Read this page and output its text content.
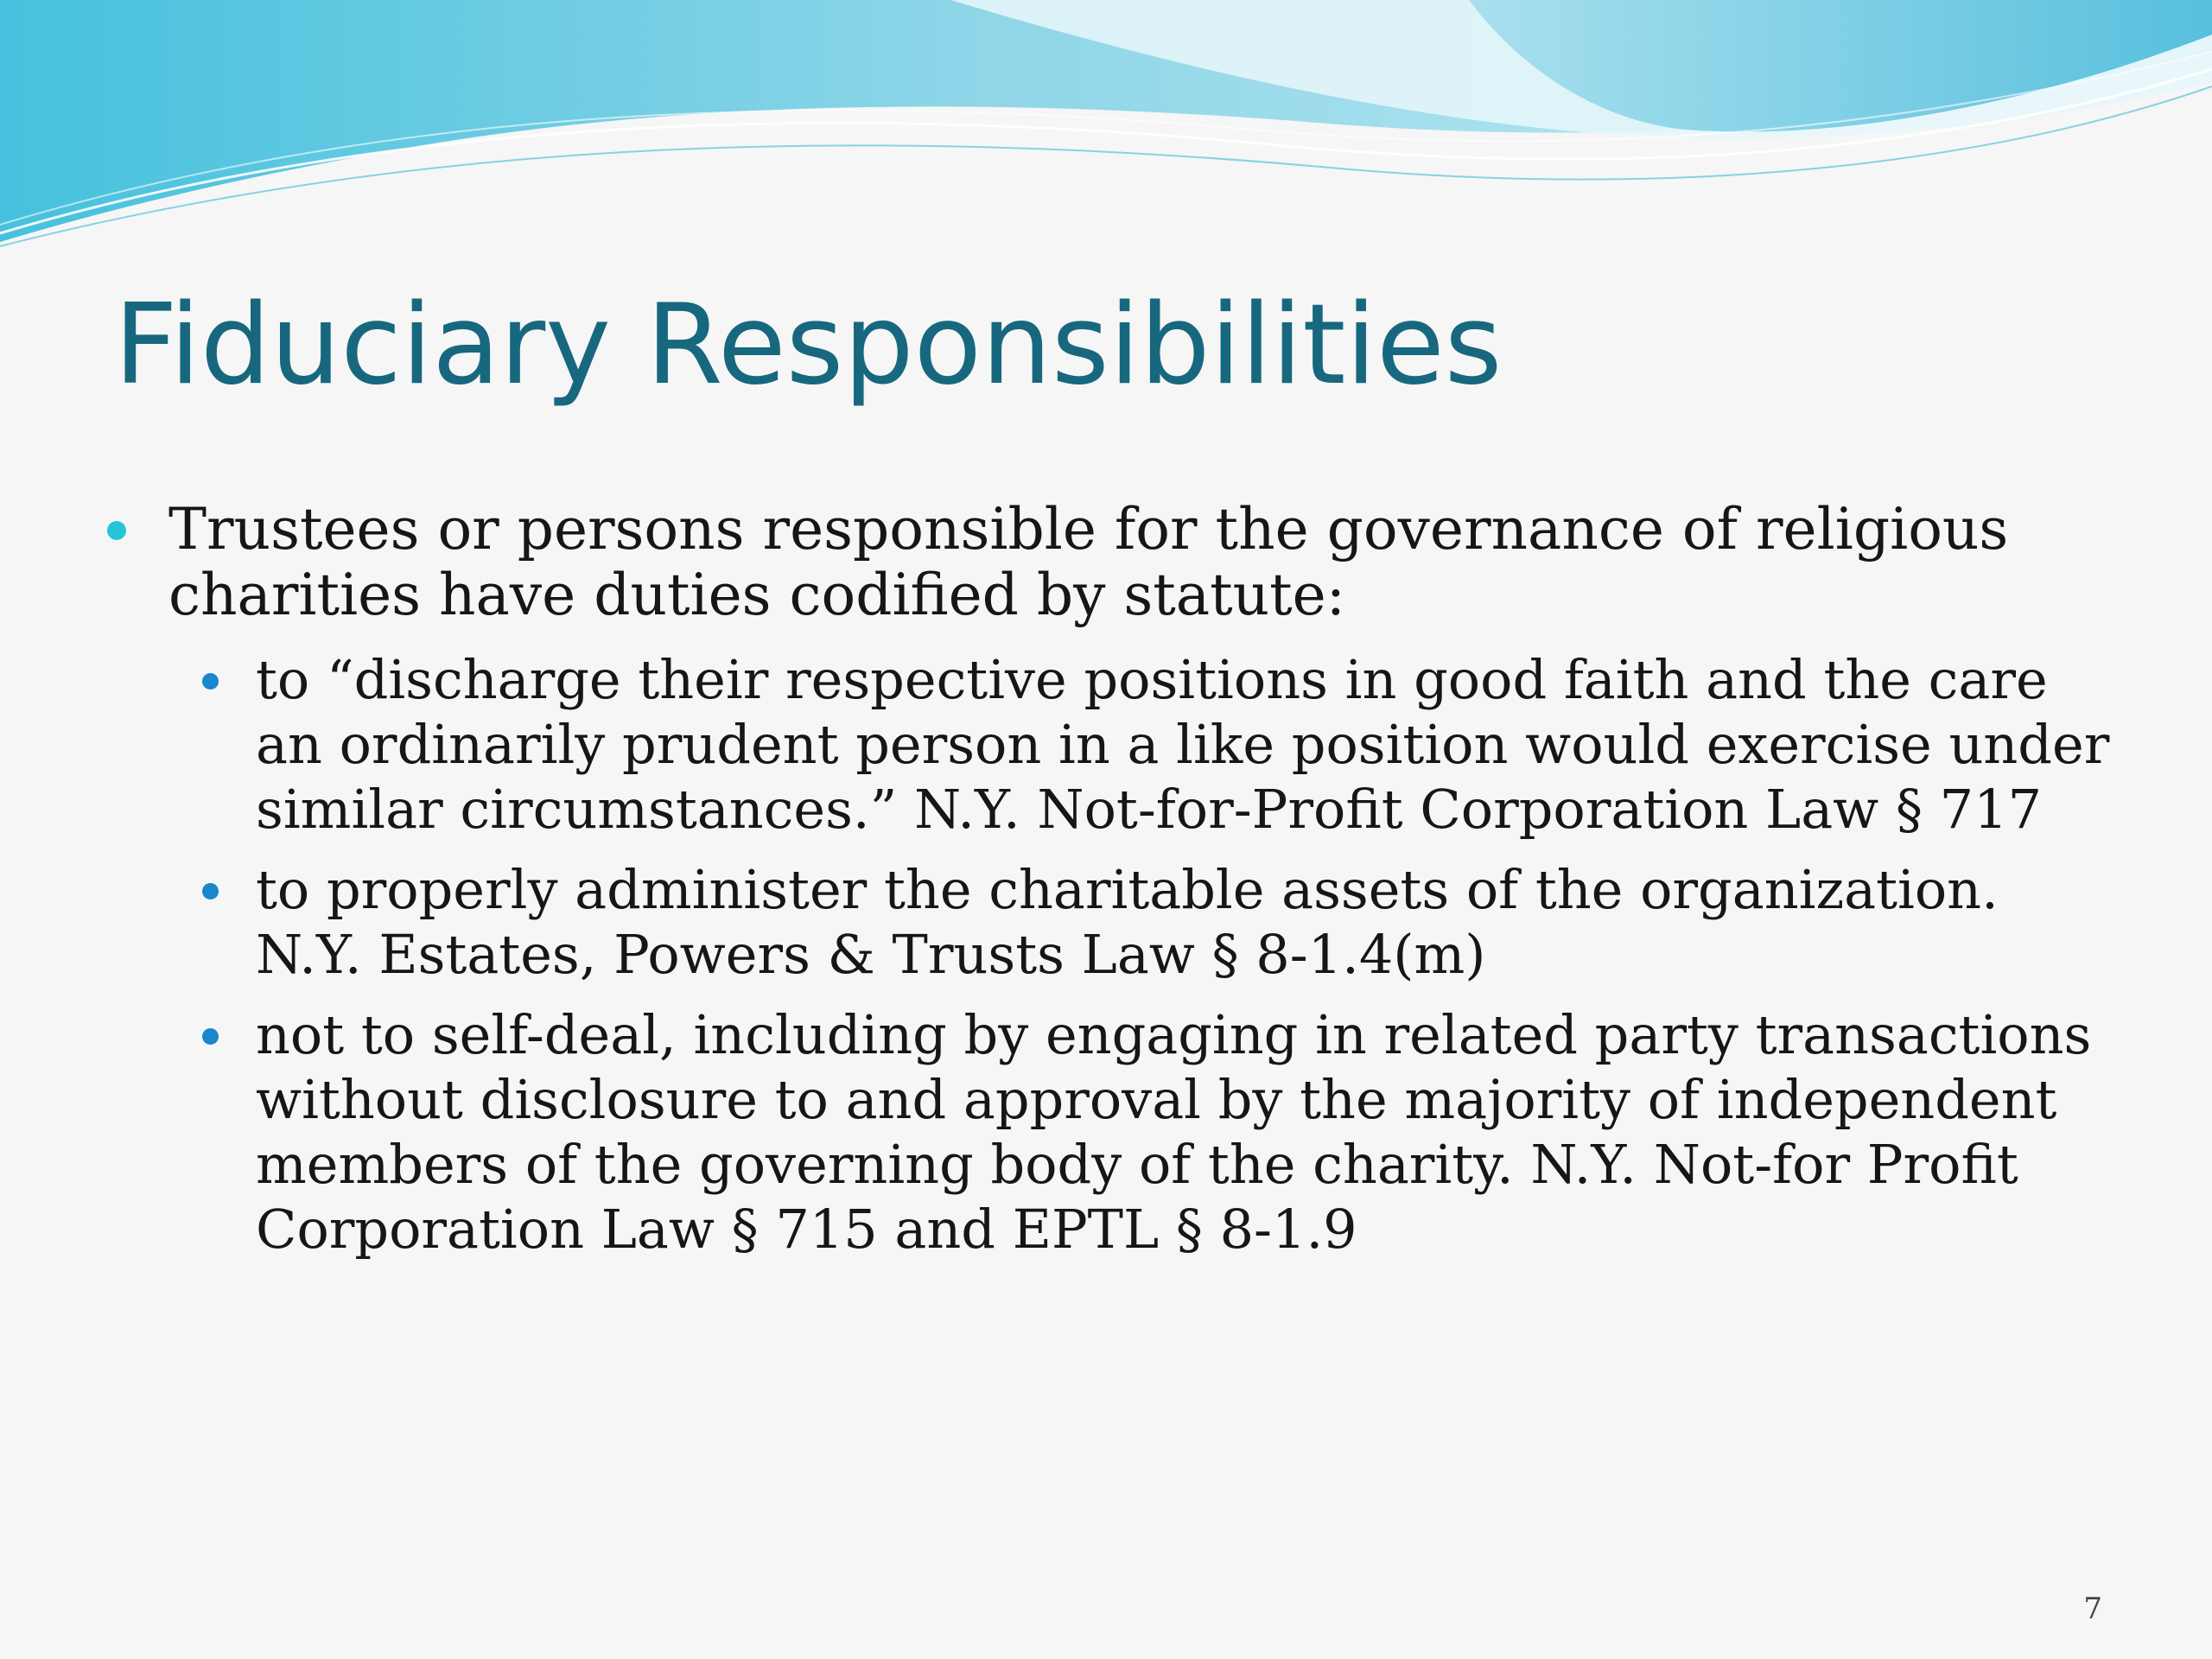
Fiduciary Responsibilities
Trustees or persons responsible for the governance of religious charities have duties codified by statute:
to “discharge their respective positions in good faith and the care an ordinarily prudent person in a like position would exercise under similar circumstances.” N.Y. Not-for-Profit Corporation Law § 717
to properly administer the charitable assets of the organization. N.Y. Estates, Powers & Trusts Law § 8-1.4(m)
not to self-deal, including by engaging in related party transactions without disclosure to and approval by the majority of independent members of the governing body of the charity. N.Y. Not-for Profit Corporation Law § 715 and EPTL § 8-1.9
7
